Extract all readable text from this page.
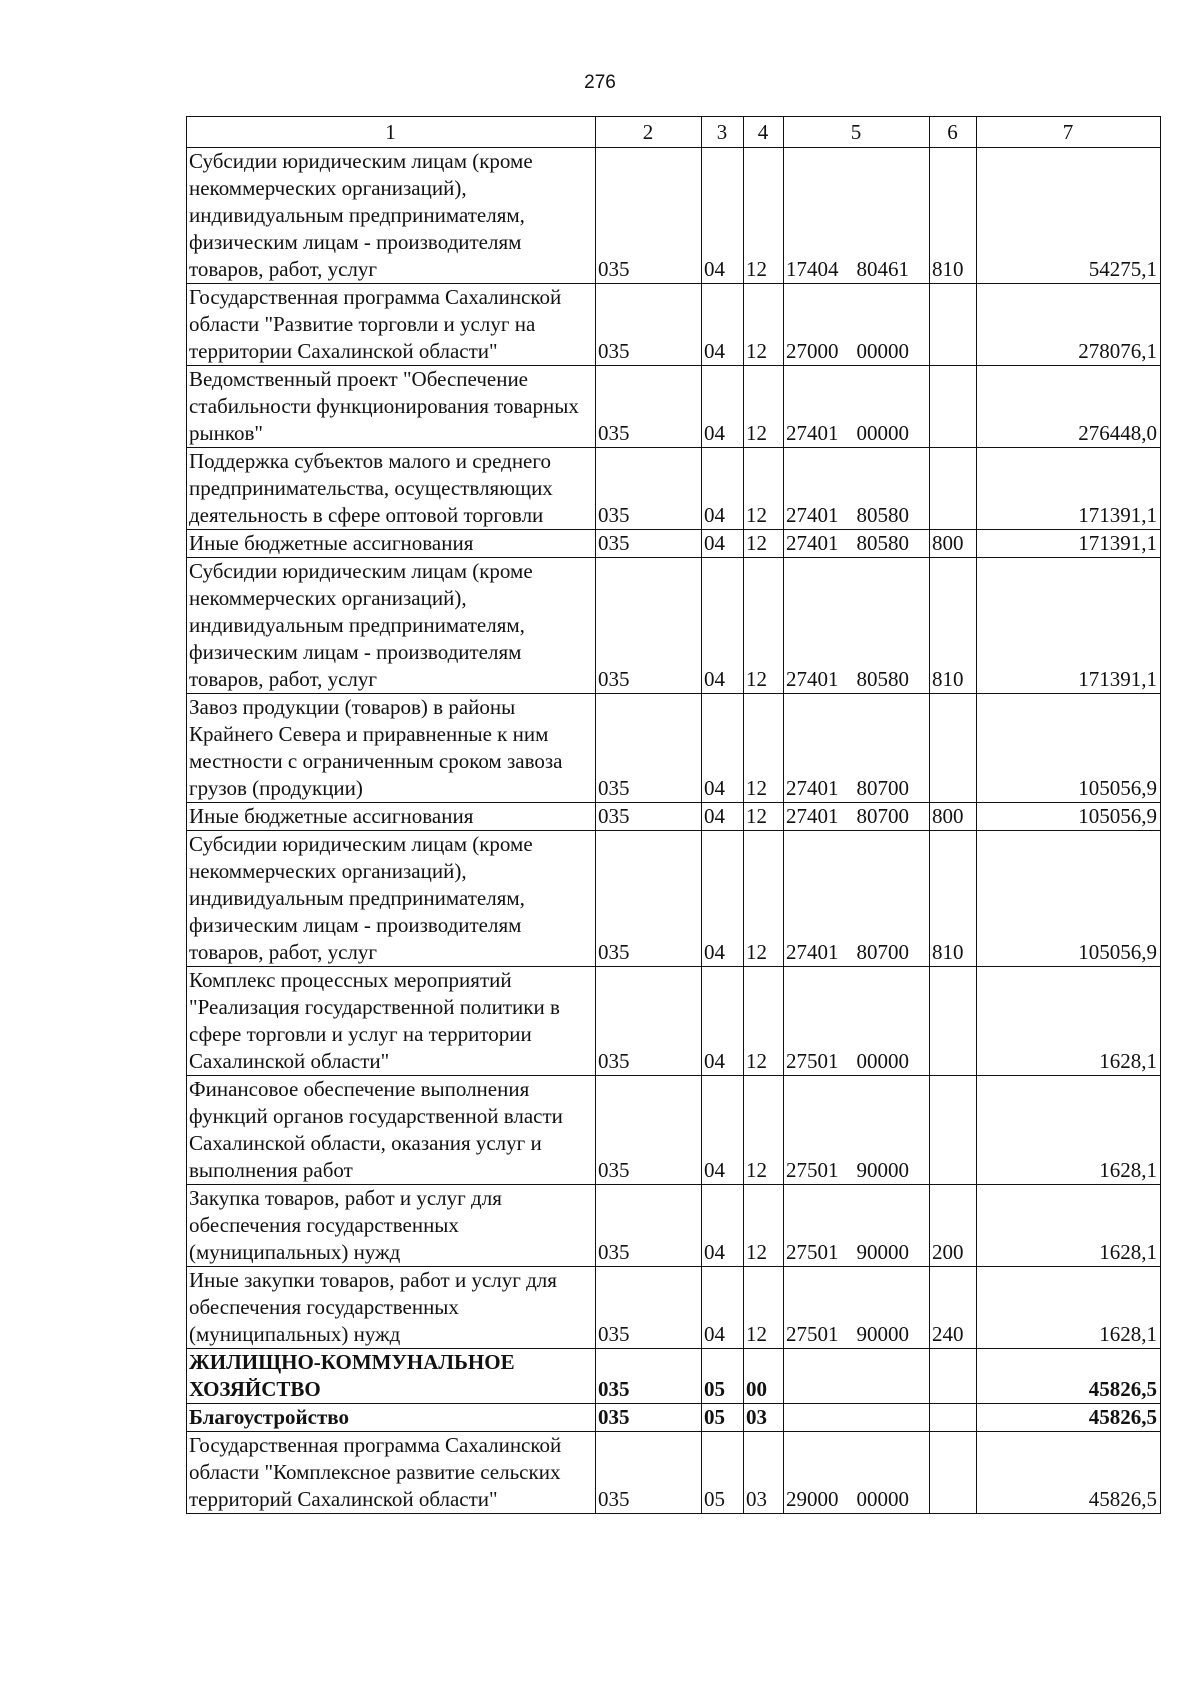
276
1	2	3	4	5	6	7
Субсидии юридическим лицам (кроме некоммерческих организаций), индивидуальным предпринимателям, физическим лицам - производителям товаров, работ, услуг	035	04	12	17404 80461	810	54275,1
Государственная программа Сахалинской области "Развитие торговли и услуг на территории Сахалинской области"	035	04	12	27000 00000		278076,1
Ведомственный проект "Обеспечение стабильности функционирования товарных рынков"	035	04	12	27401 00000		276448,0
Поддержка субъектов малого и среднего предпринимательства, осуществляющих деятельность в сфере оптовой торговли	035	04	12	27401 80580		171391,1
Иные бюджетные ассигнования	035	04	12	27401 80580	800	171391,1
Субсидии юридическим лицам (кроме некоммерческих организаций), индивидуальным предпринимателям, физическим лицам - производителям товаров, работ, услуг	035	04	12	27401 80580	810	171391,1
Завоз продукции (товаров) в районы Крайнего Севера и приравненные к ним местности с ограниченным сроком завоза грузов (продукции)	035	04	12	27401 80700		105056,9
Иные бюджетные ассигнования	035	04	12	27401 80700	800	105056,9
Субсидии юридическим лицам (кроме некоммерческих организаций), индивидуальным предпринимателям, физическим лицам - производителям товаров, работ, услуг	035	04	12	27401 80700	810	105056,9
Комплекс процессных мероприятий "Реализация государственной политики в сфере торговли и услуг на территории Сахалинской области"	035	04	12	27501 00000		1628,1
Финансовое обеспечение выполнения функций органов государственной власти Сахалинской области, оказания услуг и выполнения работ	035	04	12	27501 90000		1628,1
Закупка товаров, работ и услуг для обеспечения государственных (муниципальных) нужд	035	04	12	27501 90000	200	1628,1
Иные закупки товаров, работ и услуг для обеспечения государственных (муниципальных) нужд	035	04	12	27501 90000	240	1628,1
ЖИЛИЩНО-КОММУНАЛЬНОЕ ХОЗЯЙСТВО	035	05	00			45826,5
Благоустройство	035	05	03			45826,5
Государственная программа Сахалинской области "Комплексное развитие сельских территорий Сахалинской области"	035	05	03	29000 00000		45826,5
